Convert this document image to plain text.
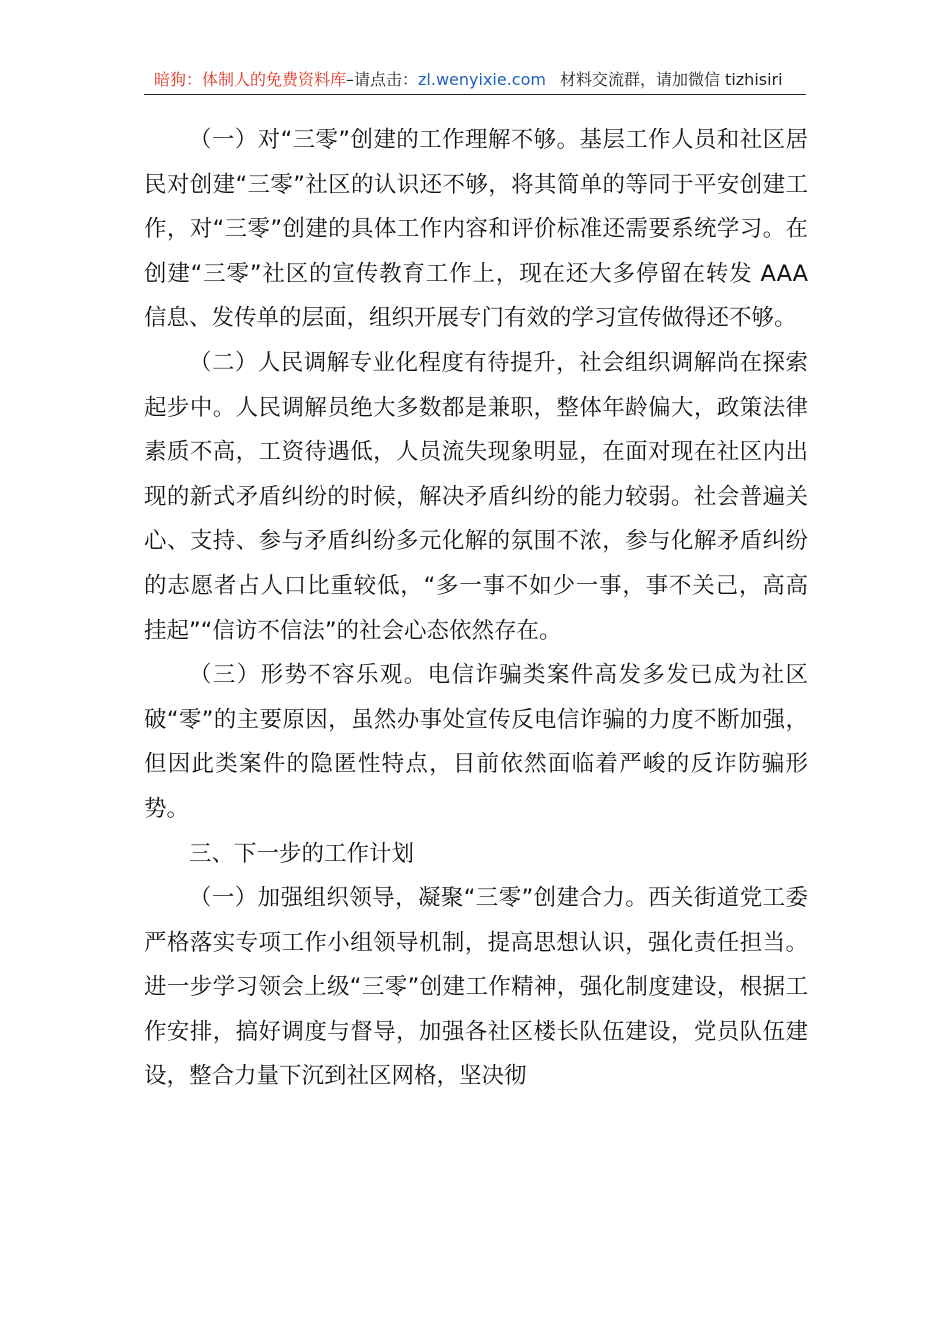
暗狗：体制人的免费资料库–请点击：zl.wenyixie.com 材料交流群，请加微信 tizhisiri

（一）对“三零”创建的工作理解不够。基层工作人员和社区居民对创建“三零”社区的认识还不够，将其简单的等同于平安创建工作，对“三零”创建的具体工作内容和评价标准还需要系统学习。在创建“三零”社区的宣传教育工作上，现在还大多停留在转发 AAA 信息、发传单的层面，组织开展专门有效的学习宣传做得还不够。

（二）人民调解专业化程度有待提升，社会组织调解尚在探索起步中。人民调解员绝大多数都是兼职，整体年龄偏大，政策法律素质不高，工资待遇低，人员流失现象明显，在面对现在社区内出现的新式矛盾纠纷的时候，解决矛盾纠纷的能力较弱。社会普遍关心、支持、参与矛盾纠纷多元化解的氛围不浓，参与化解矛盾纠纷的志愿者占人口比重较低，“多一事不如少一事，事不关己，高高挂起”“信访不信法”的社会心态依然存在。

（三）形势不容乐观。电信诈骗类案件高发多发已成为社区破“零”的主要原因，虽然办事处宣传反电信诈骗的力度不断加强，但因此类案件的隐匿性特点，目前依然面临着严峻的反诈防骗形势。

三、下一步的工作计划

（一）加强组织领导，凝聚“三零”创建合力。西关街道党工委严格落实专项工作小组领导机制，提高思想认识，强化责任担当。进一步学习领会上级“三零”创建工作精神，强化制度建设，根据工作安排，搞好调度与督导，加强各社区楼长队伍建设，党员队伍建设，整合力量下沉到社区网格，坚决彻
